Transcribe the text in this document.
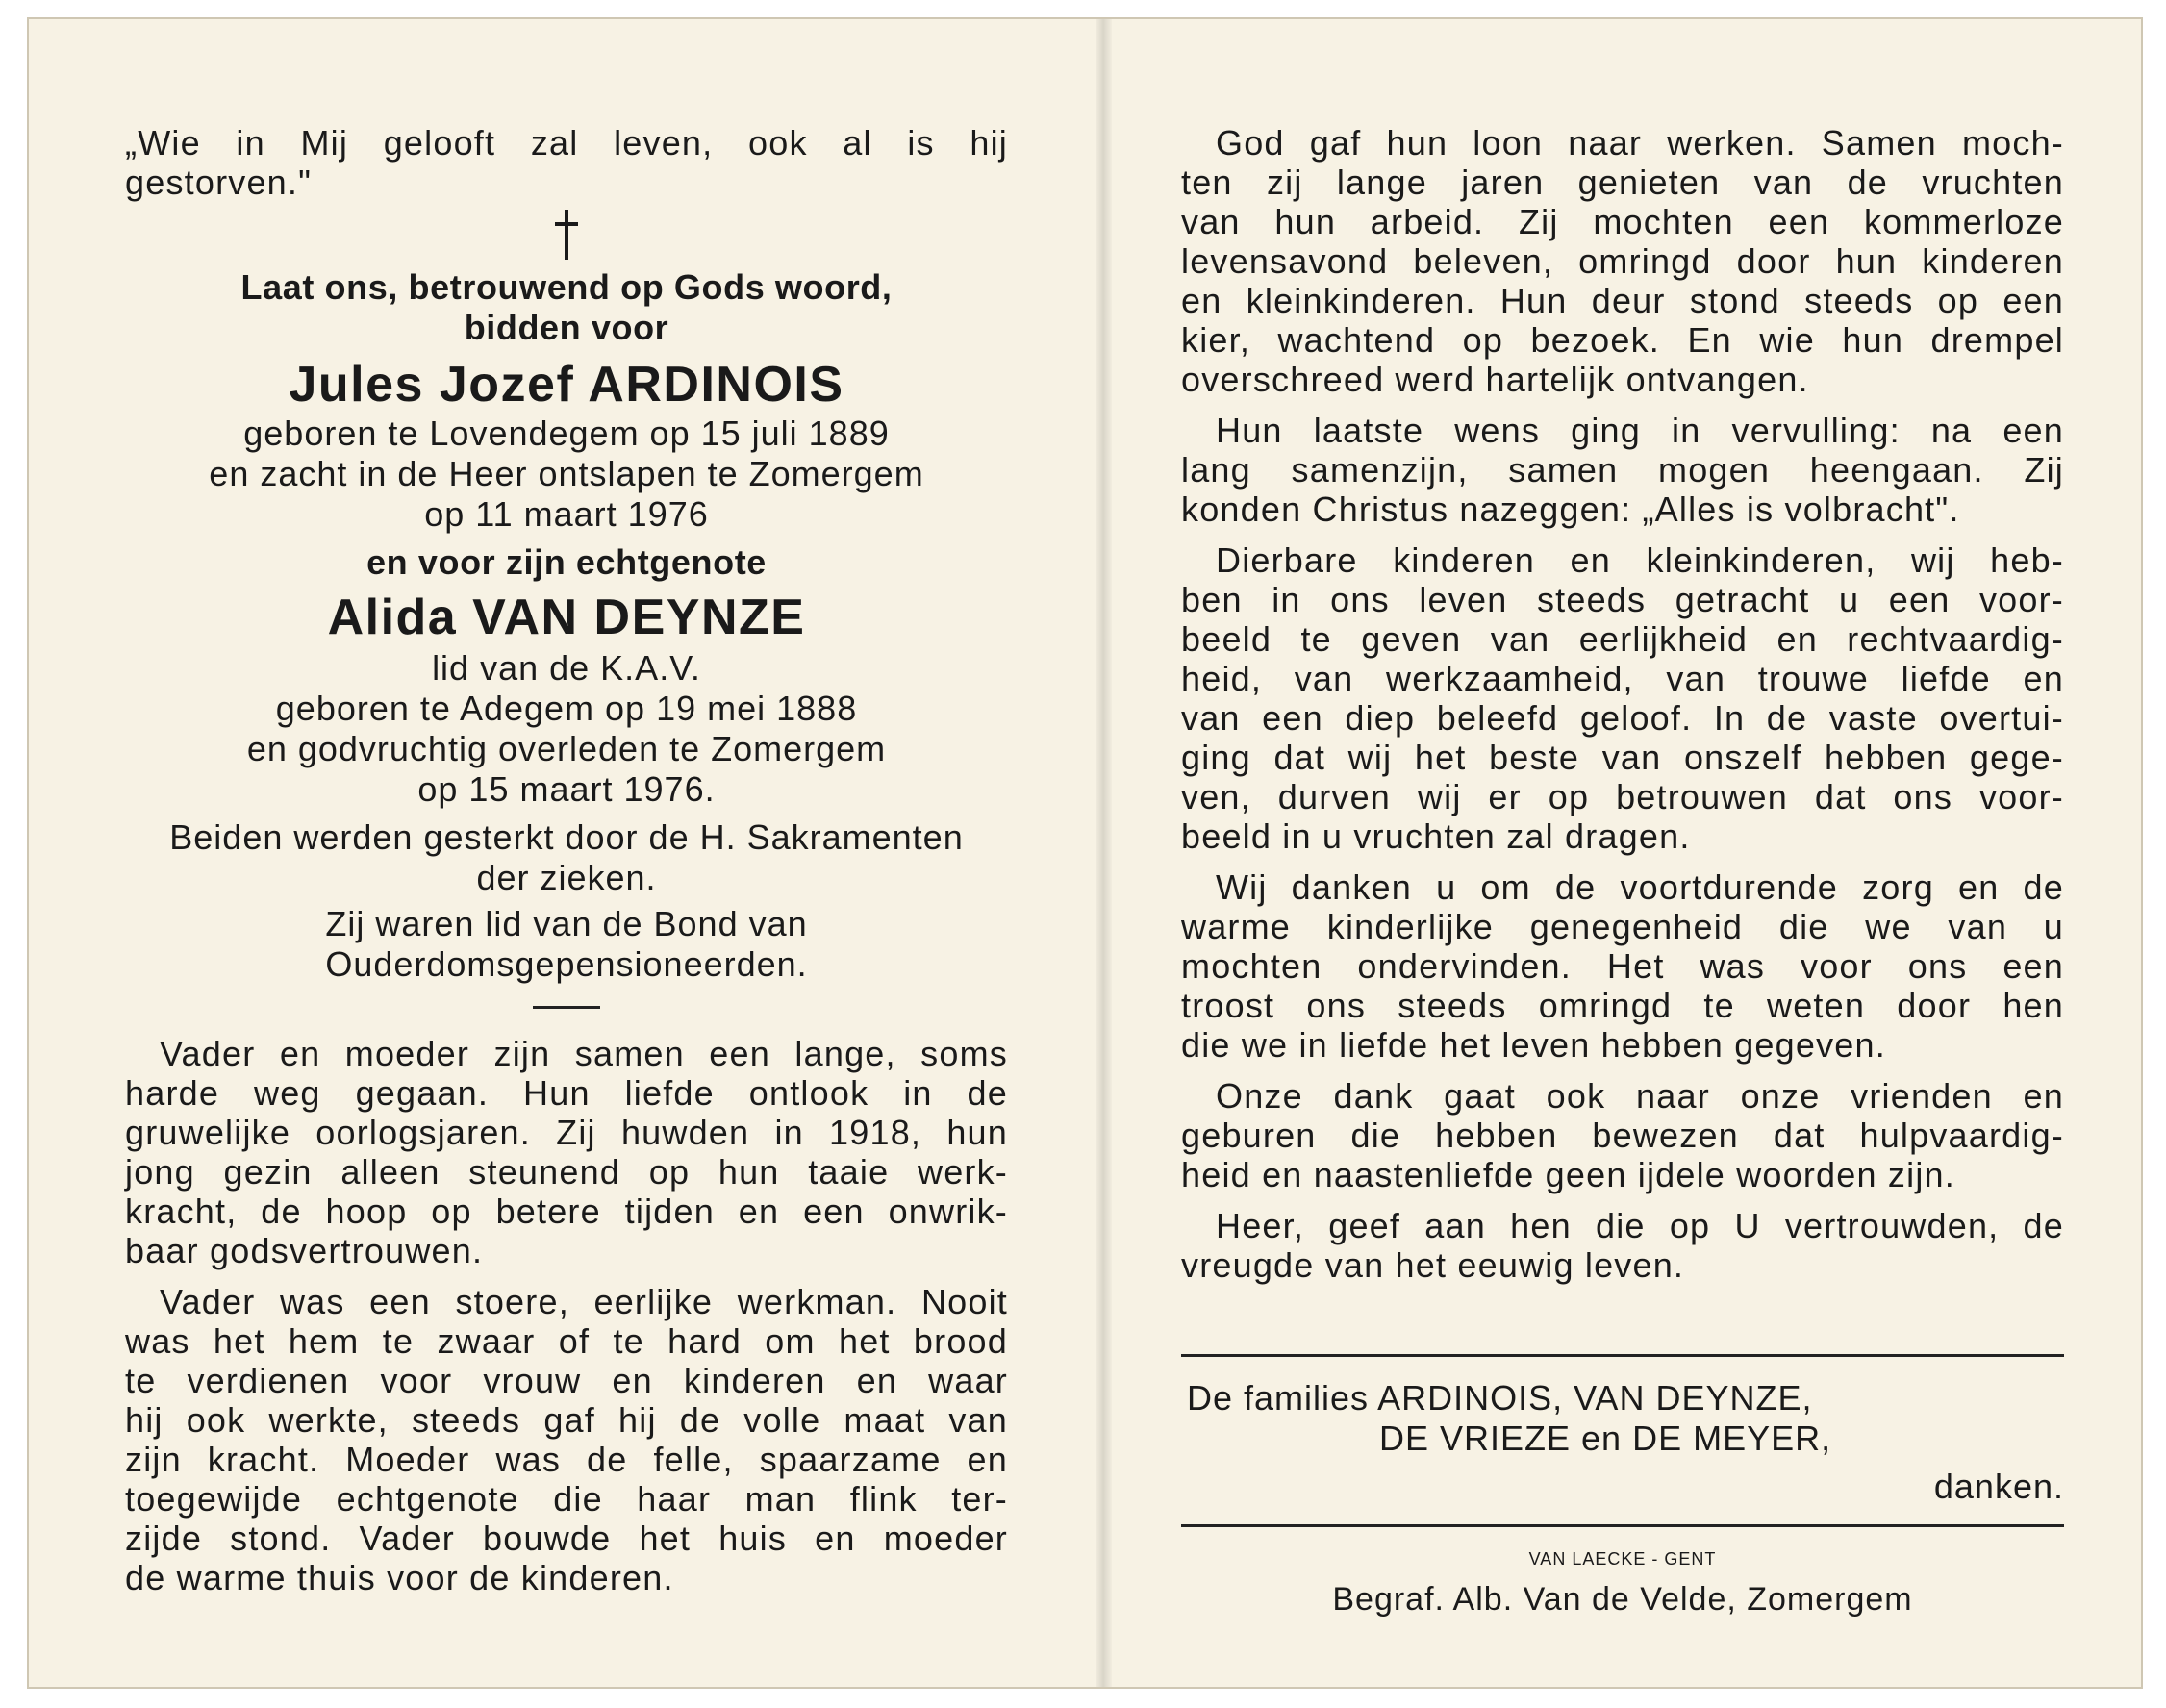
„Wie in Mij gelooft zal leven, ook al is hij

gestorven."

Laat ons, betrouwend op Gods woord,

bidden voor

Jules Jozef ARDINOIS

geboren te Lovendegem op 15 juli 1889

en zacht in de Heer ontslapen te Zomergem

op 11 maart 1976

en voor zijn echtgenote

Alida VAN DEYNZE

lid van de K.A.V.

geboren te Adegem op 19 mei 1888

en godvruchtig overleden te Zomergem

op 15 maart 1976.

Beiden werden gesterkt door de H. Sakramenten

der zieken.

Zij waren lid van de Bond van

Ouderdomsgepensioneerden.

Vader en moeder zijn samen een lange, soms

harde weg gegaan. Hun liefde ontlook in de

gruwelijke oorlogsjaren. Zij huwden in 1918, hun

jong gezin alleen steunend op hun taaie werk-

kracht, de hoop op betere tijden en een onwrik-

baar godsvertrouwen.

Vader was een stoere, eerlijke werkman. Nooit

was het hem te zwaar of te hard om het brood

te verdienen voor vrouw en kinderen en waar

hij ook werkte, steeds gaf hij de volle maat van

zijn kracht. Moeder was de felle, spaarzame en

toegewijde echtgenote die haar man flink ter-

zijde stond. Vader bouwde het huis en moeder

de warme thuis voor de kinderen.

God gaf hun loon naar werken. Samen moch-

ten zij lange jaren genieten van de vruchten

van hun arbeid. Zij mochten een kommerloze

levensavond beleven, omringd door hun kinderen

en kleinkinderen. Hun deur stond steeds op een

kier, wachtend op bezoek. En wie hun drempel

overschreed werd hartelijk ontvangen.

Hun laatste wens ging in vervulling: na een

lang samenzijn, samen mogen heengaan. Zij

konden Christus nazeggen: „Alles is volbracht".

Dierbare kinderen en kleinkinderen, wij heb-

ben in ons leven steeds getracht u een voor-

beeld te geven van eerlijkheid en rechtvaardig-

heid, van werkzaamheid, van trouwe liefde en

van een diep beleefd geloof. In de vaste overtui-

ging dat wij het beste van onszelf hebben gege-

ven, durven wij er op betrouwen dat ons voor-

beeld in u vruchten zal dragen.

Wij danken u om de voortdurende zorg en de

warme kinderlijke genegenheid die we van u

mochten ondervinden. Het was voor ons een

troost ons steeds omringd te weten door hen

die we in liefde het leven hebben gegeven.

Onze dank gaat ook naar onze vrienden en

geburen die hebben bewezen dat hulpvaardig-

heid en naastenliefde geen ijdele woorden zijn.

Heer, geef aan hen die op U vertrouwden, de

vreugde van het eeuwig leven.

De families ARDINOIS, VAN DEYNZE,

DE VRIEZE en DE MEYER,

danken.

VAN LAECKE - GENT

Begraf. Alb. Van de Velde, Zomergem
